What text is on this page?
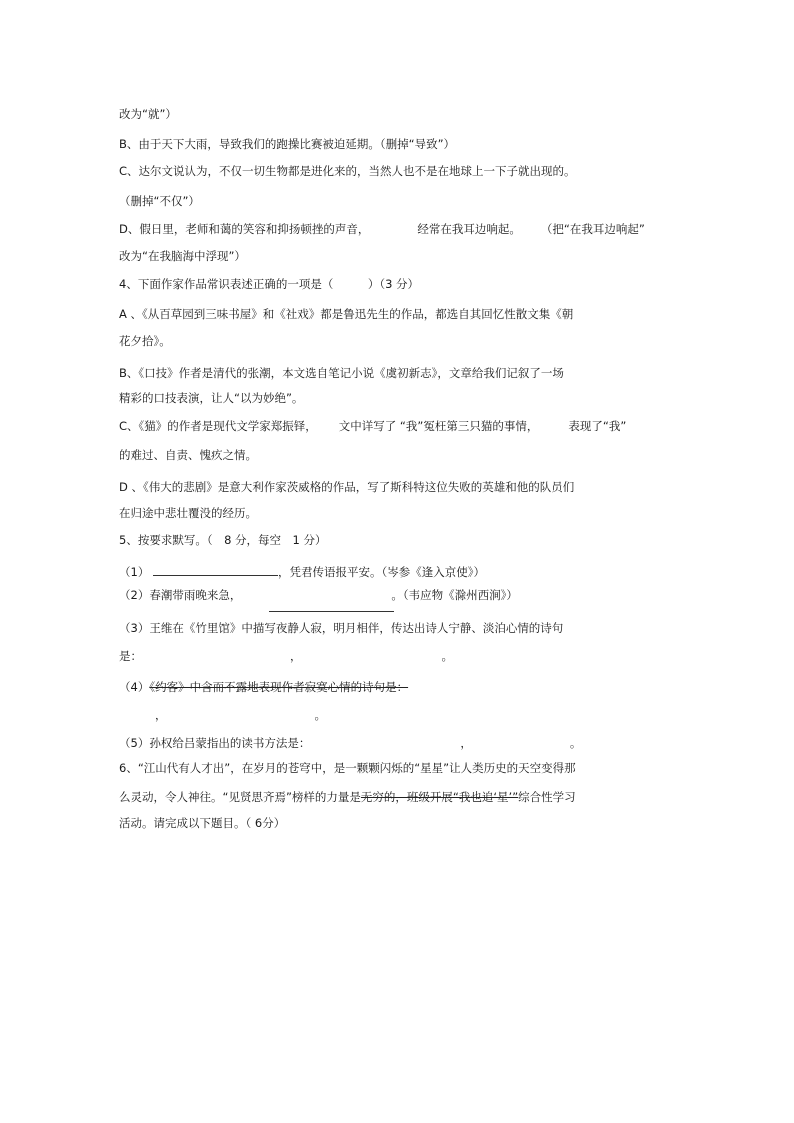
改为“就”）
B、由于天下大雨，导致我们的跑操比赛被迫延期。（删掉“导致”）
C、达尔文说认为，不仅一切生物都是进化来的，当然人也不是在地球上一下子就出现的。
（删掉“不仅”）
D、假日里，老师和蔼的笑容和抑扬顿挫的声音，	经常在我耳边响起。 （把“在我耳边响起”
改为“在我脑海中浮现”）
4、下面作家作品常识表述正确的一项是（　　　）（3 分）
A 、《从百草园到三味书屋》和《社戏》都是鲁迅先生的作品，都选自其回忆性散文集《朝
花夕拾》。
B、《口技》作者是清代的张潮，本文选自笔记小说《虞初新志》，文章给我们记叙了一场
精彩的口技表演，让人“以为妙绝”。
C、《猫》的作者是现代文学家郑振铎， 文中详写了 “我”冤枉第三只猫的事情，	表现了“我”
的难过、自责、愧疚之情。
D 、《伟大的悲剧》是意大利作家茨威格的作品，写了斯科特这位失败的英雄和他的队员们
在归途中悲壮覆没的经历。
5、按要求默写。（　8 分，每空　1 分）
（1）	，凭君传语报平安。（岑参《逢入京使》）
（2）春潮带雨晚来急，	。（韦应物《滁州西涧》）
（3）王维在《竹里馆》中描写夜静人寂，明月相伴，传达出诗人宁静、淡泊心情的诗句
是：	，	。
（4）《约客》中含而不露地表现作者寂寞心情的诗句是：
，	。
（5）孙权给吕蒙指出的读书方法是：	，	。
6、“江山代有人才出”，在岁月的苍穹中，是一颗颗闪烁的“星星”让人类历史的天空变得那
么灵动，令人神往。“见贤思齐焉”榜样的力量是无穷的，班级开展“我也追‘星’”综合性学习
活动。请完成以下题目。（ 6分）
